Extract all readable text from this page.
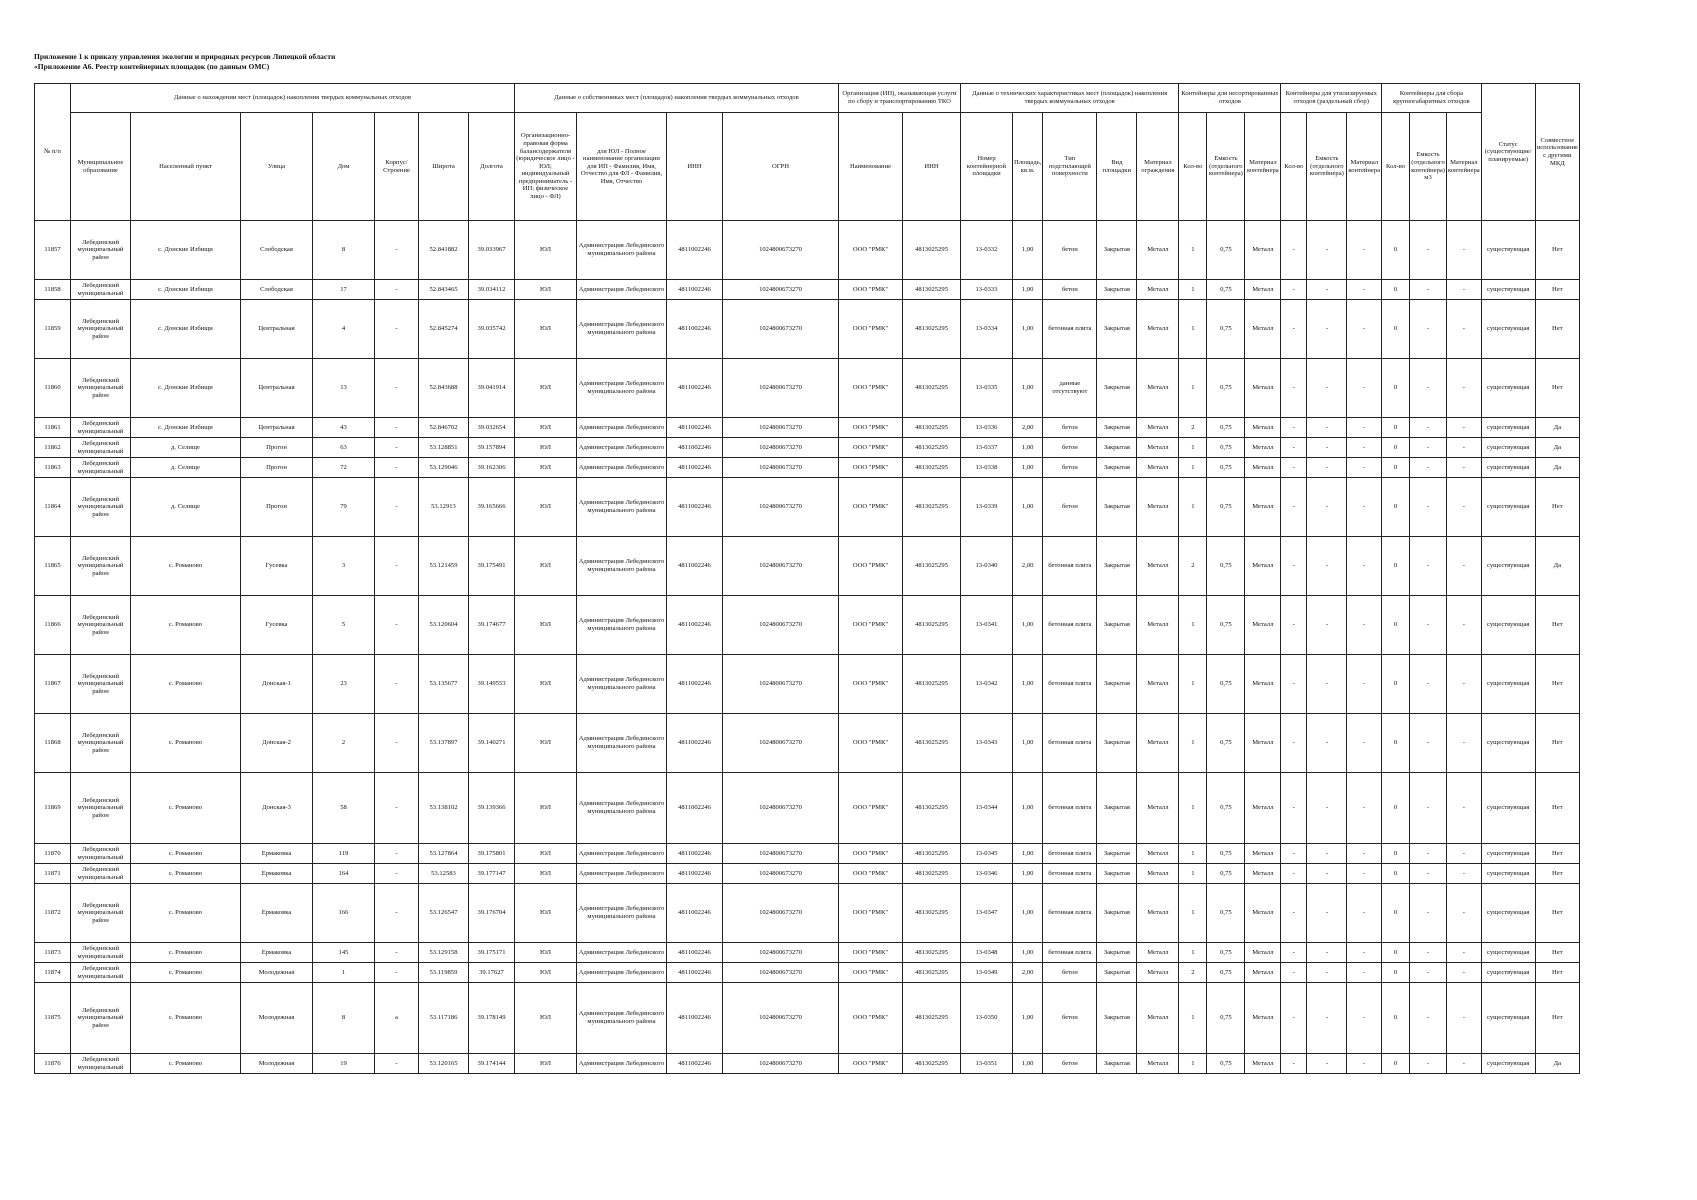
Приложение 1 к приказу управления экологии и природных ресурсов Липецкой области
«Приложение А6. Реестр контейнерных площадок (по данным ОМС)
№ п/п	Данные о нахождении мест (площадок) накопления твердых коммунальных отходов							Данные о собственниках мест (площадок) накопления твердых коммунальных отходов				Организация (ИП), оказывающая услуги по сбору и транспортированию ТКО		Данные о технических характеристиках мест (площадок) накопления твердых коммунальных отходов					Контейнеры для несортированных отходов			Контейнеры для утилизируемых отходов (раздельный сбор)			Контейнеры для сбора крупногабаритных отходов			Статус (существующие/ планируемые)	Совместное использование с другими МКД
	Муниципальное образование	Населенный пункт	Улица	Дом	Корпус/Строение	Широта	Долгота	Организационно-правовая форма балансодержателя (юридическое лицо - ЮЛ; индивидуальный предприниматель - ИП; физическое лицо - ФЛ)	для ЮЛ - Полное наименование организации для ИП - Фамилия, Имя, Отчество для ФЛ - Фамилия, Имя, Отчество	ИНН	ОГРН	Наименование	ИНН	Номер контейнерной площадки	Площадь, кв.м.	Тип подстилающей поверхности	Вид площадки	Материал ограждения	Кол-во	Емкость (отдельного контейнера)	Материал контейнера	Кол-во	Емкость (отдельного контейнера)	Материал контейнера	Кол-во	Емкость (отдельного контейнера) м3	Материал контейнера		
11857	Лебединский муниципальный район	с. Донские Избищи	Слободская	8	-	52.841882	39.033967	ЮЛ	Администрация Лебединского муниципального района	4811002246	1024800673270	ООО "РМК"	4813025295	13-0332	1,00	бетон	Закрытая	Металл	1	0,75	Металл	-	-	-	0	-	-	существующая	Нет
11858	Лебединский муниципальный	с. Донские Избищи	Слободская	17	-	52.843465	39.034112	ЮЛ	Администрация Лебединского	4811002246	1024800673270	ООО "РМК"	4813025295	13-0333	1,00	бетон	Закрытая	Металл	1	0,75	Металл	-	-	-	0	-	-	существующая	Нет
11859	Лебединский муниципальный район	с. Донские Избищи	Центральная	4	-	52.845274	39.035742	ЮЛ	Администрация Лебединского муниципального района	4811002246	1024800673270	ООО "РМК"	4813025295	13-0334	1,00	бетонная плита	Закрытая	Металл	1	0,75	Металл	-	-	-	0	-	-	существующая	Нет
11860	Лебединский муниципальный район	с. Донские Избищи	Центральная	13	-	52.843688	39.041914	ЮЛ	Администрация Лебединского муниципального района	4811002246	1024800673270	ООО "РМК"	4813025295	13-0335	1,00	данные отсутствуют	Закрытая	Металл	1	0,75	Металл	-	-	-	0	-	-	существующая	Нет
11861	Лебединский муниципальный	с. Донские Избищи	Центральная	43	-	52.846702	39.032654	ЮЛ	Администрация Лебединского	4811002246	1024800673270	ООО "РМК"	4813025295	13-0336	2,00	бетон	Закрытая	Металл	2	0,75	Металл	-	-	-	0	-	-	существующая	Да
11862	Лебединский муниципальный	д. Селище	Прогон	63	-	53.128851	39.157894	ЮЛ	Администрация Лебединского	4811002246	1024800673270	ООО "РМК"	4813025295	13-0337	1,00	бетон	Закрытая	Металл	1	0,75	Металл	-	-	-	0	-	-	существующая	Да
11863	Лебединский муниципальный	д. Селище	Прогон	72	-	53.129046	39.162306	ЮЛ	Администрация Лебединского	4811002246	1024800673270	ООО "РМК"	4813025295	13-0338	1,00	бетон	Закрытая	Металл	1	0,75	Металл	-	-	-	0	-	-	существующая	Да
11864	Лебединский муниципальный район	д. Селище	Прогон	79	-	53.12913	39.165666	ЮЛ	Администрация Лебединского муниципального района	4811002246	1024800673270	ООО "РМК"	4813025295	13-0339	1,00	бетон	Закрытая	Металл	1	0,75	Металл	-	-	-	0	-	-	существующая	Нет
11865	Лебединский муниципальный район	с. Романово	Гусевка	3	-	53.121459	39.175491	ЮЛ	Администрация Лебединского муниципального района	4811002246	1024800673270	ООО "РМК"	4813025295	13-0340	2,00	бетонная плита	Закрытая	Металл	2	0,75	Металл	-	-	-	0	-	-	существующая	Да
11866	Лебединский муниципальный район	с. Романово	Гусевка	5	-	53.120604	39.174677	ЮЛ	Администрация Лебединского муниципального района	4811002246	1024800673270	ООО "РМК"	4813025295	13-0341	1,00	бетонная плита	Закрытая	Металл	1	0,75	Металл	-	-	-	0	-	-	существующая	Нет
11867	Лебединский муниципальный район	с. Романово	Донская-1	23	-	53.135677	39.149553	ЮЛ	Администрация Лебединского муниципального района	4811002246	1024800673270	ООО "РМК"	4813025295	13-0342	1,00	бетонная плита	Закрытая	Металл	1	0,75	Металл	-	-	-	0	-	-	существующая	Нет
11868	Лебединский муниципальный район	с. Романово	Донская-2	2	-	53.137897	39.140271	ЮЛ	Администрация Лебединского муниципального района	4811002246	1024800673270	ООО "РМК"	4813025295	13-0343	1,00	бетонная плита	Закрытая	Металл	1	0,75	Металл	-	-	-	0	-	-	существующая	Нет
11869	Лебединский муниципальный район	с. Романово	Донская-3	58	-	53.138102	39.139366	ЮЛ	Администрация Лебединского муниципального района	4811002246	1024800673270	ООО "РМК"	4813025295	13-0344	1,00	бетонная плита	Закрытая	Металл	1	0,75	Металл	-	-	-	0	-	-	существующая	Нет
11870	Лебединский муниципальный	с. Романово	Ермаковка	119	-	53.127864	39.175801	ЮЛ	Администрация Лебединского	4811002246	1024800673270	ООО "РМК"	4813025295	13-0345	1,00	бетонная плита	Закрытая	Металл	1	0,75	Металл	-	-	-	0	-	-	существующая	Нет
11871	Лебединский муниципальный	с. Романово	Ермаковка	164	-	53.12583	39.177147	ЮЛ	Администрация Лебединского	4811002246	1024800673270	ООО "РМК"	4813025295	13-0346	1,00	бетонная плита	Закрытая	Металл	1	0,75	Металл	-	-	-	0	-	-	существующая	Нет
11872	Лебединский муниципальный район	с. Романово	Ермаковка	166	-	53.126547	39.176704	ЮЛ	Администрация Лебединского муниципального района	4811002246	1024800673270	ООО "РМК"	4813025295	13-0347	1,00	бетонная плита	Закрытая	Металл	1	0,75	Металл	-	-	-	0	-	-	существующая	Нет
11873	Лебединский муниципальный	с. Романово	Ермаковка	145	-	53.129158	39.175171	ЮЛ	Администрация Лебединского	4811002246	1024800673270	ООО "РМК"	4813025295	13-0348	1,00	бетонная плита	Закрытая	Металл	1	0,75	Металл	-	-	-	0	-	-	существующая	Нет
11874	Лебединский муниципальный	с. Романово	Молодежная	1	-	53.119859	39.17627	ЮЛ	Администрация Лебединского	4811002246	1024800673270	ООО "РМК"	4813025295	13-0349	2,00	бетон	Закрытая	Металл	2	0,75	Металл	-	-	-	0	-	-	существующая	Нет
11875	Лебединский муниципальный район	с. Романово	Молодежная	8	а	53.117186	39.178149	ЮЛ	Администрация Лебединского муниципального района	4811002246	1024800673270	ООО "РМК"	4813025295	13-0350	1,00	бетон	Закрытая	Металл	1	0,75	Металл	-	-	-	0	-	-	существующая	Нет
11876	Лебединский муниципальный	с. Романово	Молодежная	19	-	53.120165	39.174144	ЮЛ	Администрация Лебединского	4811002246	1024800673270	ООО "РМК"	4813025295	13-0351	1,00	бетон	Закрытая	Металл	1	0,75	Металл	-	-	-	0	-	-	существующая	Да
